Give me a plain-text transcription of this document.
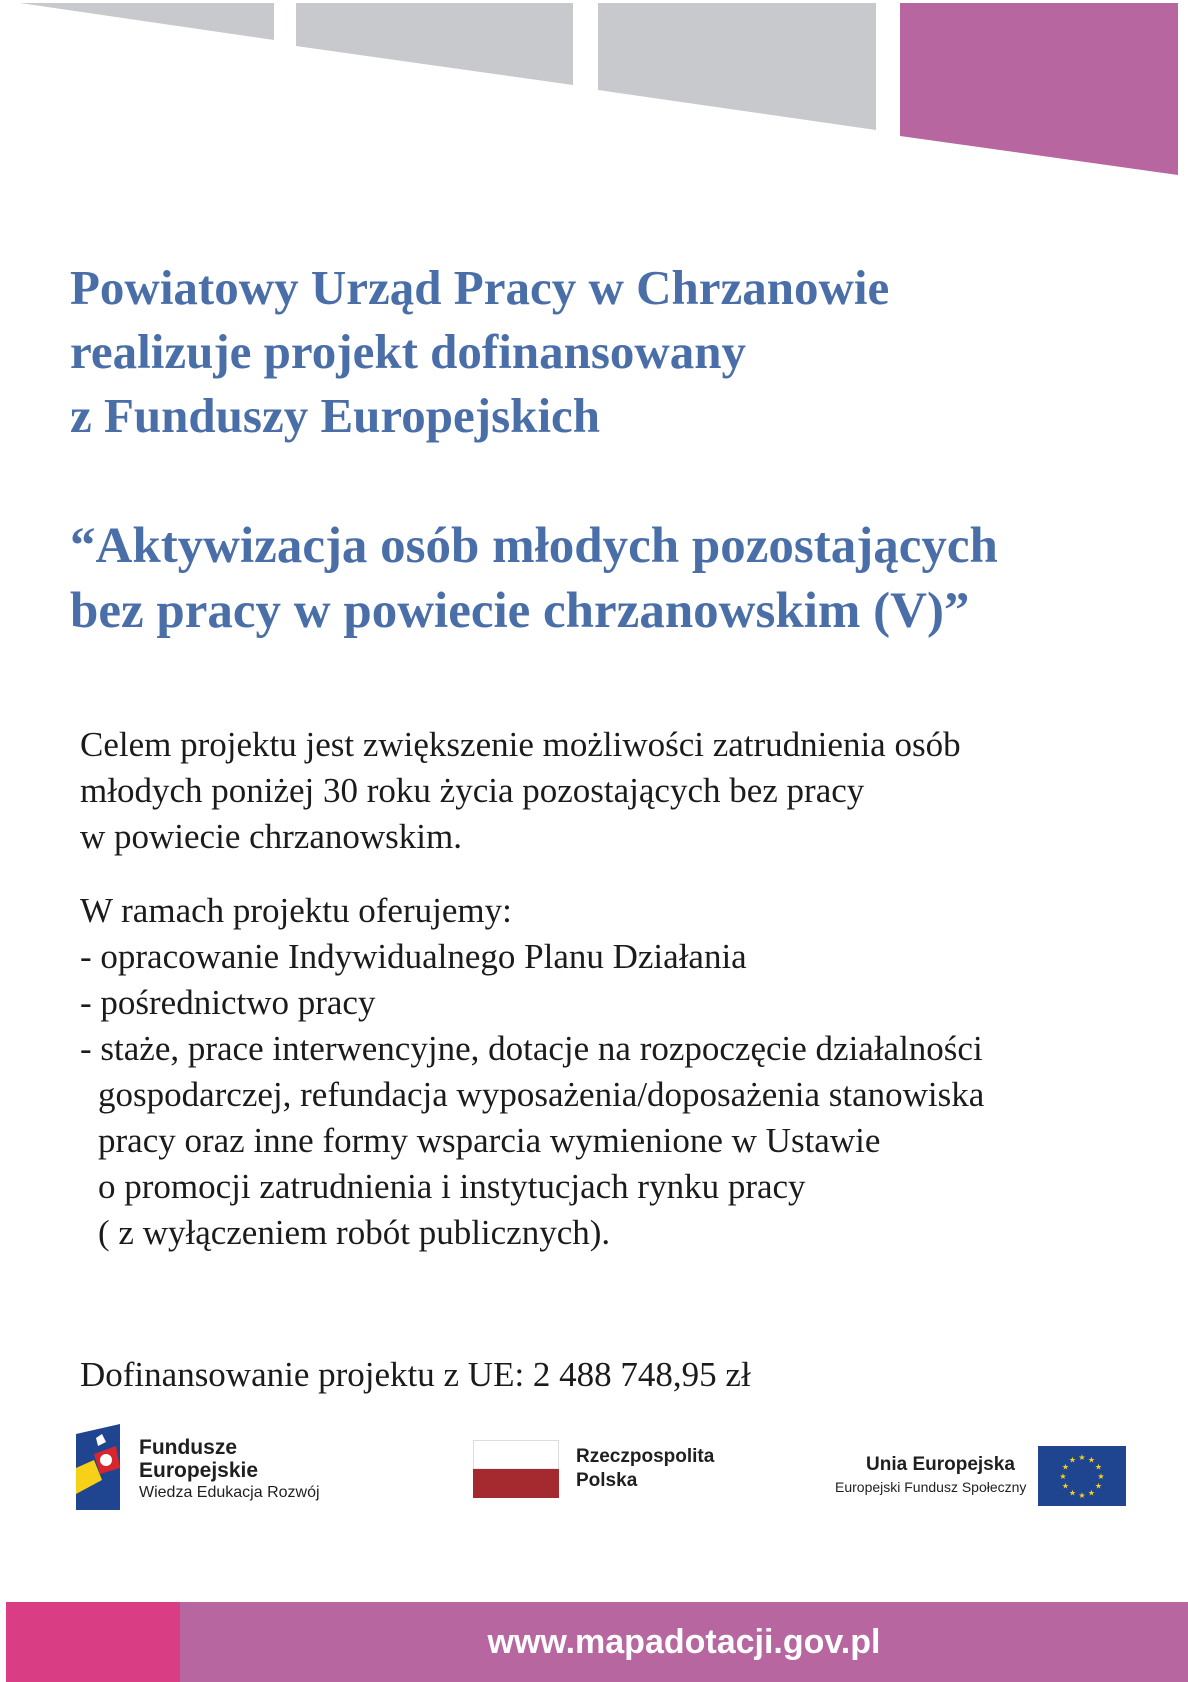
Powiatowy Urząd Pracy w Chrzanowie
realizuje projekt dofinansowany
z Funduszy Europejskich
“Aktywizacja osób młodych pozostających
bez pracy w powiecie chrzanowskim (V)”

Celem projektu jest zwiększenie możliwości zatrudnienia osób
młodych poniżej 30 roku życia pozostających bez pracy
w powiecie chrzanowskim.

W ramach projektu oferujemy:
- opracowanie Indywidualnego Planu Działania
- pośrednictwo pracy
- staże, prace interwencyjne, dotacje na rozpoczęcie działalności
gospodarczej, refundacja wyposażenia/doposażenia stanowiska
pracy oraz inne formy wsparcia wymienione w Ustawie
o promocji zatrudnienia i instytucjach rynku pracy
( z wyłączeniem robót publicznych).

Dofinansowanie projektu z UE: 2 488 748,95 zł

Fundusze
Europejskie
Wiedza Edukacja Rozwój
Rzeczpospolita
Polska
Unia Europejska
Europejski Fundusz Społeczny
★ ★
★
★
★
★
★
★
★
★
★
★
www.mapadotacji.gov.pl
